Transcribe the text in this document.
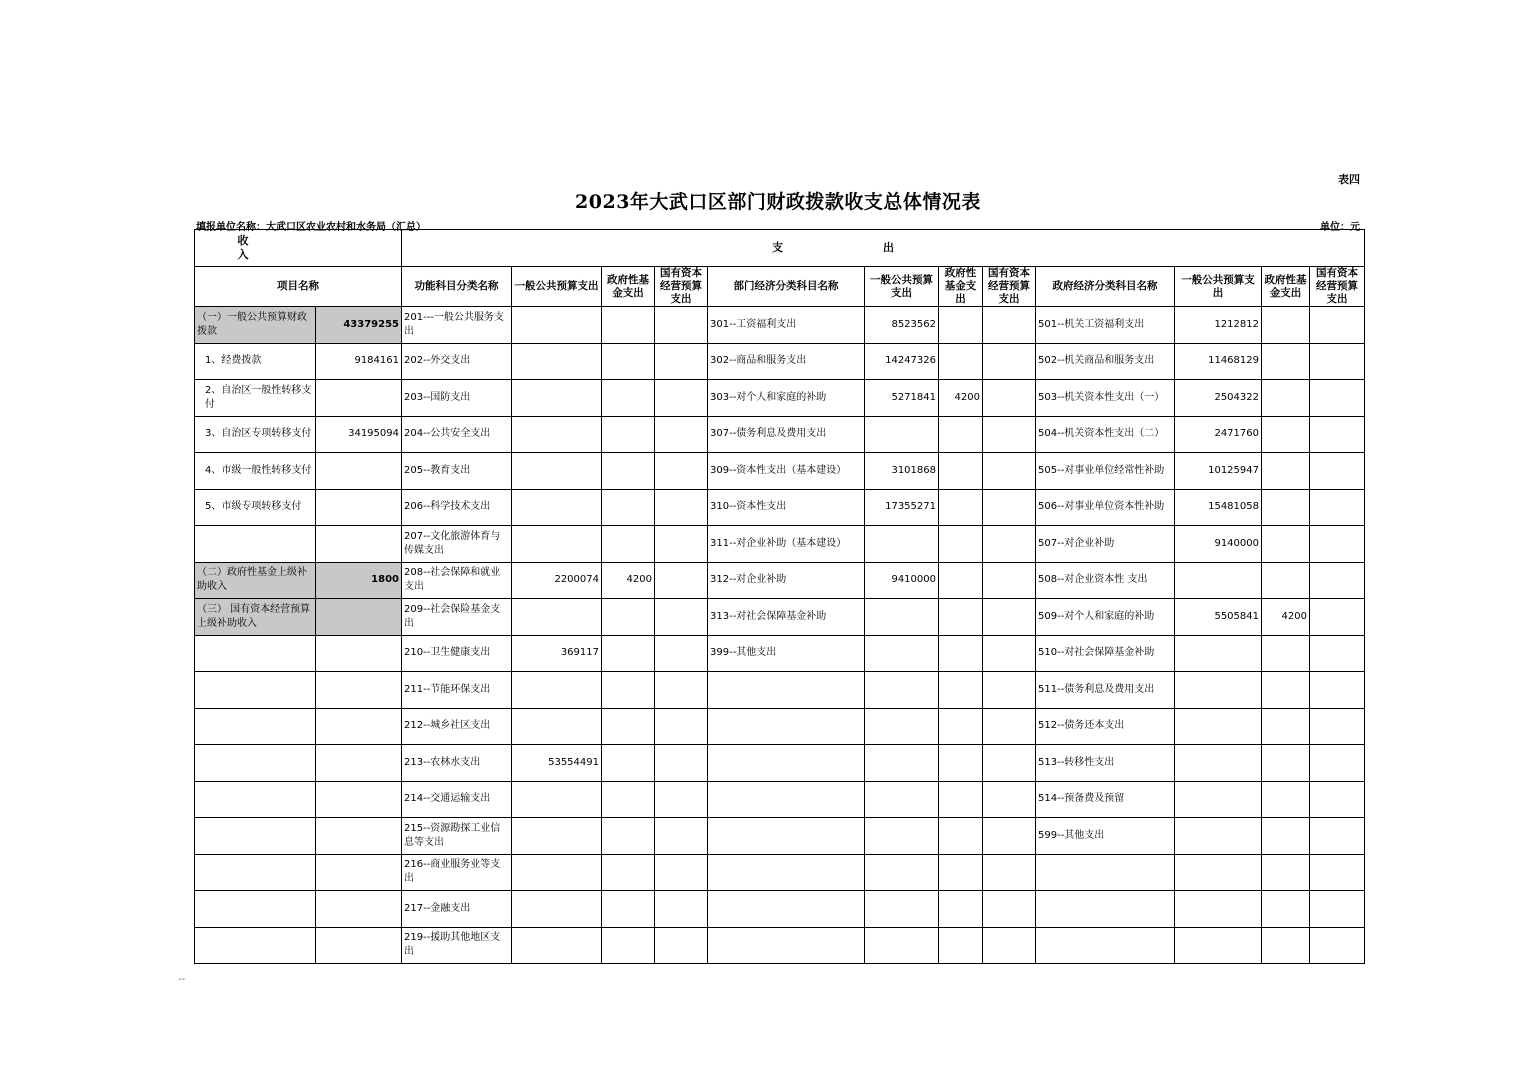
表四
2023年大武口区部门财政拨款收支总体情况表
填报单位名称：大武口区农业农村和水务局（汇总）	单位：元
收入		支出											
项目名称		功能科目分类名称	一般公共预算支出	政府性基金支出	国有资本经营预算支出	部门经济分类科目名称	一般公共预算支出	政府性基金支出	国有资本经营预算支出	政府经济分类科目名称	一般公共预算支出	政府性基金支出	国有资本经营预算支出
（一）一般公共预算财政拨款	43379255	201---一般公共服务支出				301--工资福利支出	8523562			501--机关工资福利支出	1212812		
1、经费拨款	9184161	202--外交支出				302--商品和服务支出	14247326			502--机关商品和服务支出	11468129		
2、自治区一般性转移支付		203--国防支出				303--对个人和家庭的补助	5271841	4200		503--机关资本性支出（一）	2504322		
3、自治区专项转移支付	34195094	204--公共安全支出				307--债务利息及费用支出				504--机关资本性支出（二）	2471760		
4、市级一般性转移支付		205--教育支出				309--资本性支出（基本建设）	3101868			505--对事业单位经常性补助	10125947		
5、市级专项转移支付		206--科学技术支出				310--资本性支出	17355271			506--对事业单位资本性补助	15481058		
		207--文化旅游体育与传媒支出				311--对企业补助（基本建设）				507--对企业补助	9140000		
（二）政府性基金上级补助收入	1800	208--社会保障和就业支出	2200074	4200		312--对企业补助	9410000			508--对企业资本性 支出			
（三） 国有资本经营预算上级补助收入		209--社会保险基金支出				313--对社会保障基金补助				509--对个人和家庭的补助	5505841	4200	
		210--卫生健康支出	369117			399--其他支出				510--对社会保障基金补助			
		211--节能环保支出								511--债务利息及费用支出			
		212--城乡社区支出								512--债务还本支出			
		213--农林水支出	53554491							513--转移性支出			
		214--交通运输支出								514--预备费及预留			
		215--资源勘探工业信息等支出								599--其他支出			
		216--商业服务业等支出											
		217--金融支出											
		219--援助其他地区支出											
--
